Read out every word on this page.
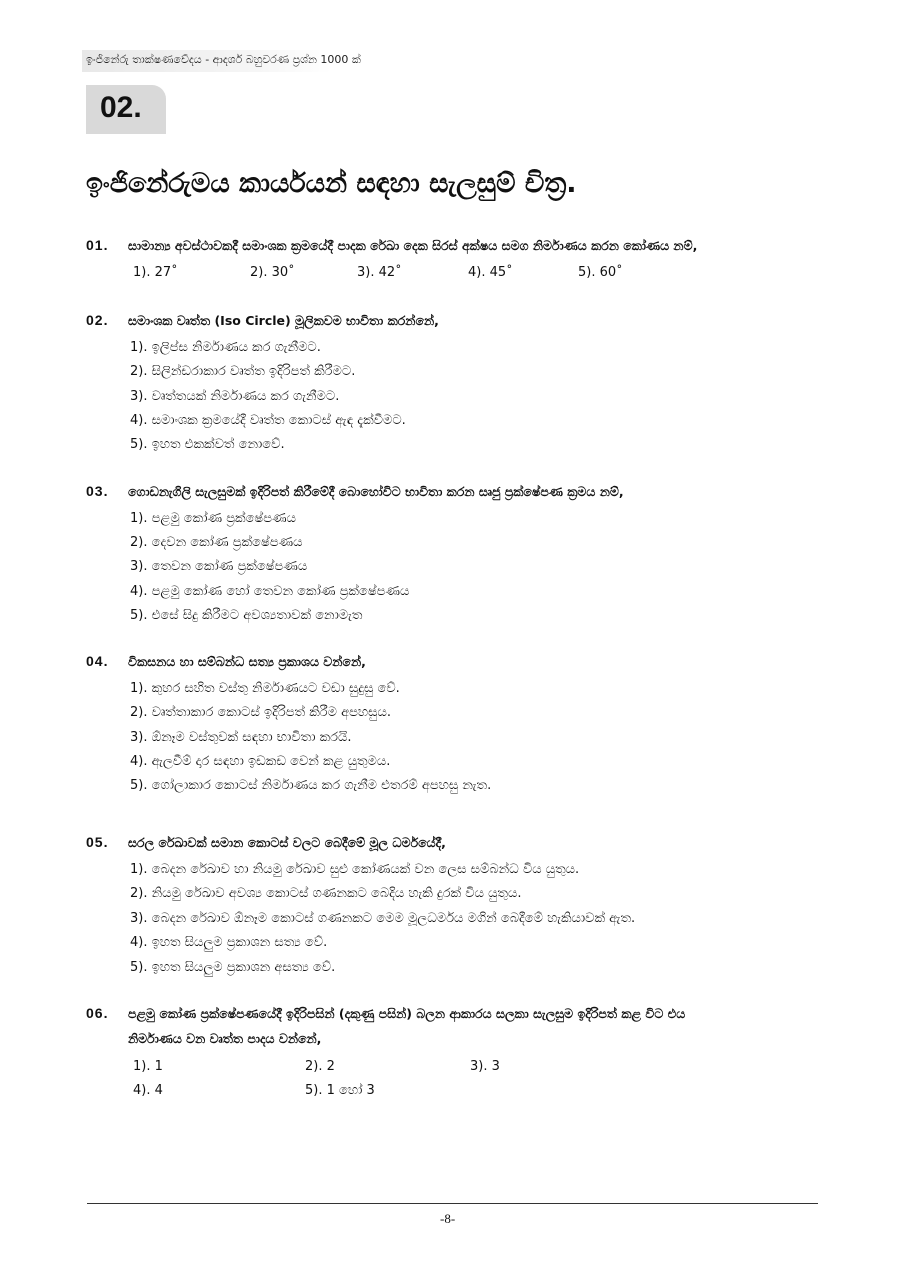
ඉංජිනේරු තාක්ෂණවේදය - ආදර්ශ බහුවරණ ප්‍රශ්න 1000 ක්
02.
ඉංජිනේරුමය කාර්යයන් සඳහා සැලසුම් චිත්‍ර.
01. සාමාන්‍ය අවස්ථාවකදී සමාංශක ක්‍රමයේදී පාදක රේඛා දෙක සිරස් අක්ෂය සමග නිර්මාණය කරන කෝණය නම්,
1). 27˚	2). 30˚	3). 42˚	4). 45˚	5). 60˚
02. සමාංශක වෘත්ත (Iso Circle) මූලිකවම භාවිතා කරන්නේ,
1). ඉලිප්ස නිර්මාණය කර ගැනීමට.
2). සිලින්ඩරාකාර වෘත්ත ඉදිරිපත් කිරීමට.
3). වෘත්තයක් නිර්මාණය කර ගැනීමට.
4). සමාංශක ක්‍රමයේදී වෘත්ත කොටස් ඇඳ දැක්වීමට.
5). ඉහත එකක්වත් නොවේ.
03. ගොඩනැගිලි සැලසුමක් ඉදිරිපත් කිරීමේදී බොහෝවිට භාවිතා කරන සෘජු ප්‍රක්ෂේපණ ක්‍රමය නම්,
1). පළමු කෝණ ප්‍රක්ෂේපණය
2). දෙවන කෝණ ප්‍රක්ෂේපණය
3). තෙවන කෝණ ප්‍රක්ෂේපණය
4). පළමු කෝණ හෝ තෙවන කෝණ ප්‍රක්ෂේපණය
5). එසේ සිදු කිරීමට අවශ්‍යතාවක් නොමැත
04. විකසනය හා සම්බන්ධ සත්‍ය ප්‍රකාශය වන්නේ,
1). කුහර සහිත වස්තු නිර්මාණයට වඩා සුදුසු වේ.
2). වෘත්තාකාර කොටස් ඉදිරිපත් කිරීම අපහසුය.
3). ඕනෑම වස්තුවක් සඳහා භාවිතා කරයි.
4). ඇලවීම් දාර සඳහා ඉඩකඩ වෙන් කළ යුතුමය.
5). ගෝලාකාර කොටස් නිර්මාණය කර ගැනීම එතරම් අපහසු නැත.
05. සරල රේඛාවක් සමාන කොටස් වලට බෙදීමේ මූල ධර්මයේදී,
1). බෙදන රේඛාව හා නියමු රේඛාව සුළු කෝණයක් වන ලෙස සම්බන්ධ විය යුතුය.
2). නියමු රේඛාව අවශ්‍ය කොටස් ගණනකට බෙදිය හැකි දුරක් විය යුතුය.
3). බෙදන රේඛාව ඕනෑම කොටස් ගණනකට මෙම මූලධර්මය මගින් බෙදීමේ හැකියාවක් ඇත.
4). ඉහත සියලුම ප්‍රකාශන සත්‍ය වේ.
5). ඉහත සියලුම ප්‍රකාශන අසත්‍ය වේ.
06. පළමු කෝණ ප්‍රක්ෂේපණයේදී ඉදිරිපසින් (දකුණු පසින්) බලන ආකාරය සලකා සැලසුම ඉදිරිපත් කළ විට එය
නිර්මාණය වන වෘත්ත පාදය වන්නේ,
1). 1	2). 2	3). 3
4). 4	5). 1 හෝ 3
-8-
